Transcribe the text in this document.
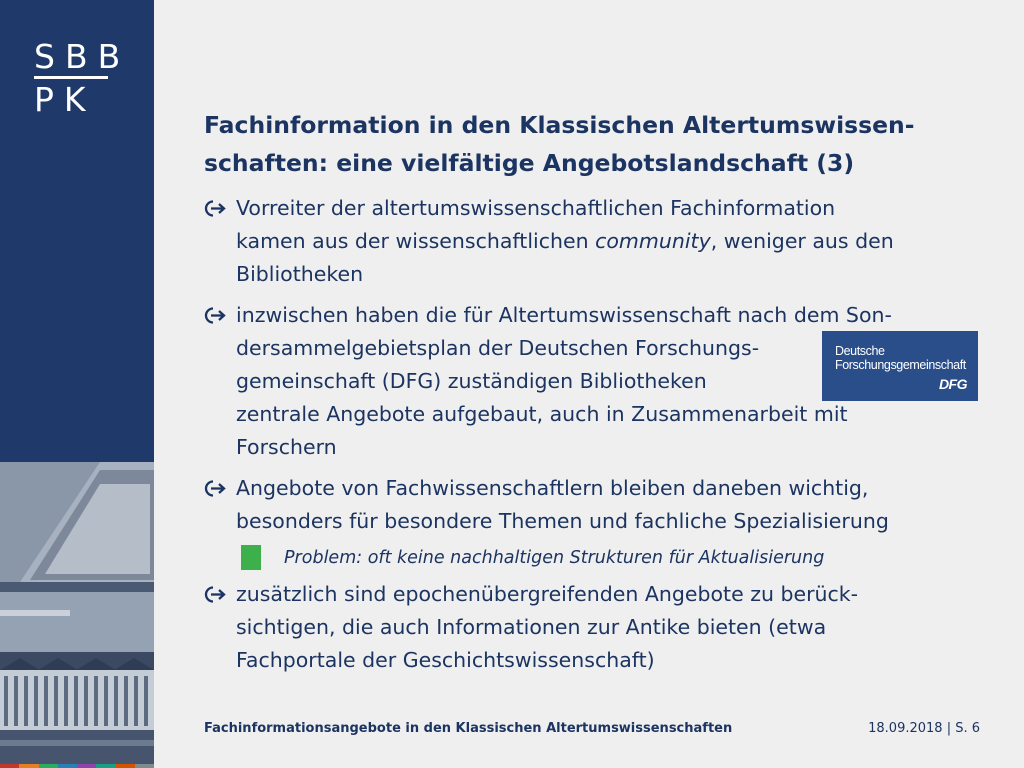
SBB
PK
Fachinformation in den Klassischen Altertumswissen-
schaften: eine vielfältige Angebotslandschaft (3)
Vorreiter der altertumswissenschaftlichen Fachinformation
kamen aus der wissenschaftlichen community, weniger aus den
Bibliotheken
inzwischen haben die für Altertumswissenschaft nach dem Son-
dersammelgebietsplan der Deutschen Forschungs-
gemeinschaft (DFG) zuständigen Bibliotheken
zentrale Angebote aufgebaut, auch in Zusammenarbeit mit
Forschern
Deutsche
Forschungsgemeinschaft
DFG
Angebote von Fachwissenschaftlern bleiben daneben wichtig,
besonders für besondere Themen und fachliche Spezialisierung
Problem: oft keine nachhaltigen Strukturen für Aktualisierung
zusätzlich sind epochenübergreifenden Angebote zu berück-
sichtigen, die auch Informationen zur Antike bieten (etwa
Fachportale der Geschichtswissenschaft)
Fachinformationsangebote in den Klassischen Altertumswissenschaften	18.09.2018 | S. 6
